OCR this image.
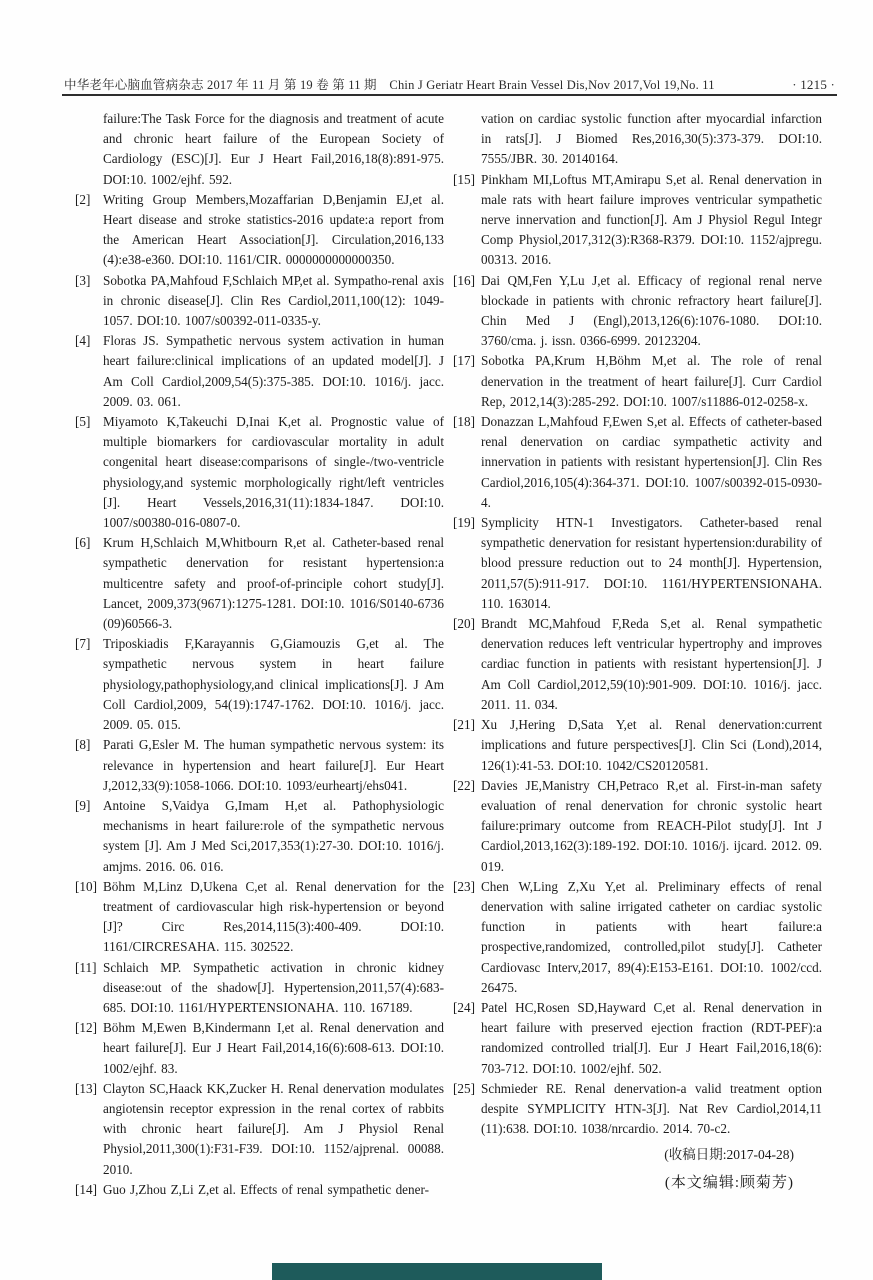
中华老年心脑血管病杂志 2017 年 11 月 第 19 卷 第 11 期　Chin J Geriatr Heart Brain Vessel Dis,Nov 2017,Vol 19,No. 11	· 1215 ·
failure:The Task Force for the diagnosis and treatment of acute and chronic heart failure of the European Society of Cardiology (ESC)[J]. Eur J Heart Fail,2016,18(8):891-975. DOI:10. 1002/ejhf. 592.
[2] Writing Group Members,Mozaffarian D,Benjamin EJ,et al. Heart disease and stroke statistics-2016 update:a report from the American Heart Association[J]. Circulation,2016,133 (4):e38-e360. DOI:10. 1161/CIR. 0000000000000350.
[3] Sobotka PA,Mahfoud F,Schlaich MP,et al. Sympatho-renal axis in chronic disease[J]. Clin Res Cardiol,2011,100(12): 1049-1057. DOI:10. 1007/s00392-011-0335-y.
[4] Floras JS. Sympathetic nervous system activation in human heart failure:clinical implications of an updated model[J]. J Am Coll Cardiol,2009,54(5):375-385. DOI:10. 1016/j. jacc. 2009. 03. 061.
[5] Miyamoto K,Takeuchi D,Inai K,et al. Prognostic value of multiple biomarkers for cardiovascular mortality in adult congenital heart disease:comparisons of single-/two-ventricle physiology,and systemic morphologically right/left ventricles [J]. Heart Vessels,2016,31(11):1834-1847. DOI:10. 1007/s00380-016-0807-0.
[6] Krum H,Schlaich M,Whitbourn R,et al. Catheter-based renal sympathetic denervation for resistant hypertension:a multicentre safety and proof-of-principle cohort study[J]. Lancet, 2009,373(9671):1275-1281. DOI:10. 1016/S0140-6736 (09)60566-3.
[7] Triposkiadis F,Karayannis G,Giamouzis G,et al. The sympathetic nervous system in heart failure physiology,pathophysiology,and clinical implications[J]. J Am Coll Cardiol,2009, 54(19):1747-1762. DOI:10. 1016/j. jacc. 2009. 05. 015.
[8] Parati G,Esler M. The human sympathetic nervous system: its relevance in hypertension and heart failure[J]. Eur Heart J,2012,33(9):1058-1066. DOI:10. 1093/eurheartj/ehs041.
[9] Antoine S,Vaidya G,Imam H,et al. Pathophysiologic mechanisms in heart failure:role of the sympathetic nervous system [J]. Am J Med Sci,2017,353(1):27-30. DOI:10. 1016/j. amjms. 2016. 06. 016.
[10] Böhm M,Linz D,Ukena C,et al. Renal denervation for the treatment of cardiovascular high risk-hypertension or beyond [J]? Circ Res,2014,115(3):400-409. DOI:10. 1161/CIRCRESAHA. 115. 302522.
[11] Schlaich MP. Sympathetic activation in chronic kidney disease:out of the shadow[J]. Hypertension,2011,57(4):683-685. DOI:10. 1161/HYPERTENSIONAHA. 110. 167189.
[12] Böhm M,Ewen B,Kindermann I,et al. Renal denervation and heart failure[J]. Eur J Heart Fail,2014,16(6):608-613. DOI:10. 1002/ejhf. 83.
[13] Clayton SC,Haack KK,Zucker H. Renal denervation modulates angiotensin receptor expression in the renal cortex of rabbits with chronic heart failure[J]. Am J Physiol Renal Physiol,2011,300(1):F31-F39. DOI:10. 1152/ajprenal. 00088. 2010.
[14] Guo J,Zhou Z,Li Z,et al. Effects of renal sympathetic dener-
vation on cardiac systolic function after myocardial infarction in rats[J]. J Biomed Res,2016,30(5):373-379. DOI:10. 7555/JBR. 30. 20140164.
[15] Pinkham MI,Loftus MT,Amirapu S,et al. Renal denervation in male rats with heart failure improves ventricular sympathetic nerve innervation and function[J]. Am J Physiol Regul Integr Comp Physiol,2017,312(3):R368-R379. DOI:10. 1152/ajpregu. 00313. 2016.
[16] Dai QM,Fen Y,Lu J,et al. Efficacy of regional renal nerve blockade in patients with chronic refractory heart failure[J]. Chin Med J (Engl),2013,126(6):1076-1080. DOI:10. 3760/cma. j. issn. 0366-6999. 20123204.
[17] Sobotka PA,Krum H,Böhm M,et al. The role of renal denervation in the treatment of heart failure[J]. Curr Cardiol Rep, 2012,14(3):285-292. DOI:10. 1007/s11886-012-0258-x.
[18] Donazzan L,Mahfoud F,Ewen S,et al. Effects of catheter-based renal denervation on cardiac sympathetic activity and innervation in patients with resistant hypertension[J]. Clin Res Cardiol,2016,105(4):364-371. DOI:10. 1007/s00392-015-0930-4.
[19] Symplicity HTN-1 Investigators. Catheter-based renal sympathetic denervation for resistant hypertension:durability of blood pressure reduction out to 24 month[J]. Hypertension, 2011,57(5):911-917. DOI:10. 1161/HYPERTENSIONAHA. 110. 163014.
[20] Brandt MC,Mahfoud F,Reda S,et al. Renal sympathetic denervation reduces left ventricular hypertrophy and improves cardiac function in patients with resistant hypertension[J]. J Am Coll Cardiol,2012,59(10):901-909. DOI:10. 1016/j. jacc. 2011. 11. 034.
[21] Xu J,Hering D,Sata Y,et al. Renal denervation:current implications and future perspectives[J]. Clin Sci (Lond),2014, 126(1):41-53. DOI:10. 1042/CS20120581.
[22] Davies JE,Manistry CH,Petraco R,et al. First-in-man safety evaluation of renal denervation for chronic systolic heart failure:primary outcome from REACH-Pilot study[J]. Int J Cardiol,2013,162(3):189-192. DOI:10. 1016/j. ijcard. 2012. 09. 019.
[23] Chen W,Ling Z,Xu Y,et al. Preliminary effects of renal denervation with saline irrigated catheter on cardiac systolic function in patients with heart failure:a prospective,randomized, controlled,pilot study[J]. Catheter Cardiovasc Interv,2017, 89(4):E153-E161. DOI:10. 1002/ccd. 26475.
[24] Patel HC,Rosen SD,Hayward C,et al. Renal denervation in heart failure with preserved ejection fraction (RDT-PEF):a randomized controlled trial[J]. Eur J Heart Fail,2016,18(6): 703-712. DOI:10. 1002/ejhf. 502.
[25] Schmieder RE. Renal denervation-a valid treatment option despite SYMPLICITY HTN-3[J]. Nat Rev Cardiol,2014,11 (11):638. DOI:10. 1038/nrcardio. 2014. 70-c2.
(收稿日期:2017-04-28)
(本文编辑:顾菊芳)
